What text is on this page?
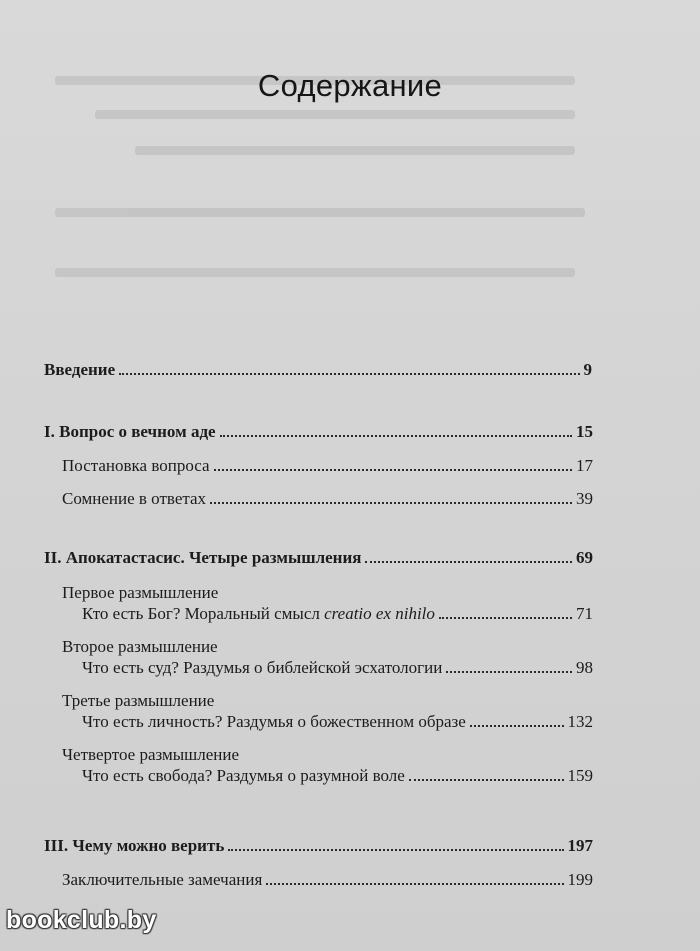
Содержание
Введение	9
I. Вопрос о вечном аде	15
Постановка вопроса	17
Сомнение в ответах	39
II. Апокатастасис. Четыре размышления	69
Первое размышление
Кто есть Бог? Моральный смысл creatio ex nihilo	71
Второе размышление
Что есть суд? Раздумья о библейской эсхатологии	98
Третье размышление
Что есть личность? Раздумья о божественном образе	132
Четвертое размышление
Что есть свобода? Раздумья о разумной воле	159
III. Чему можно верить	197
Заключительные замечания	199
bookclub.by
